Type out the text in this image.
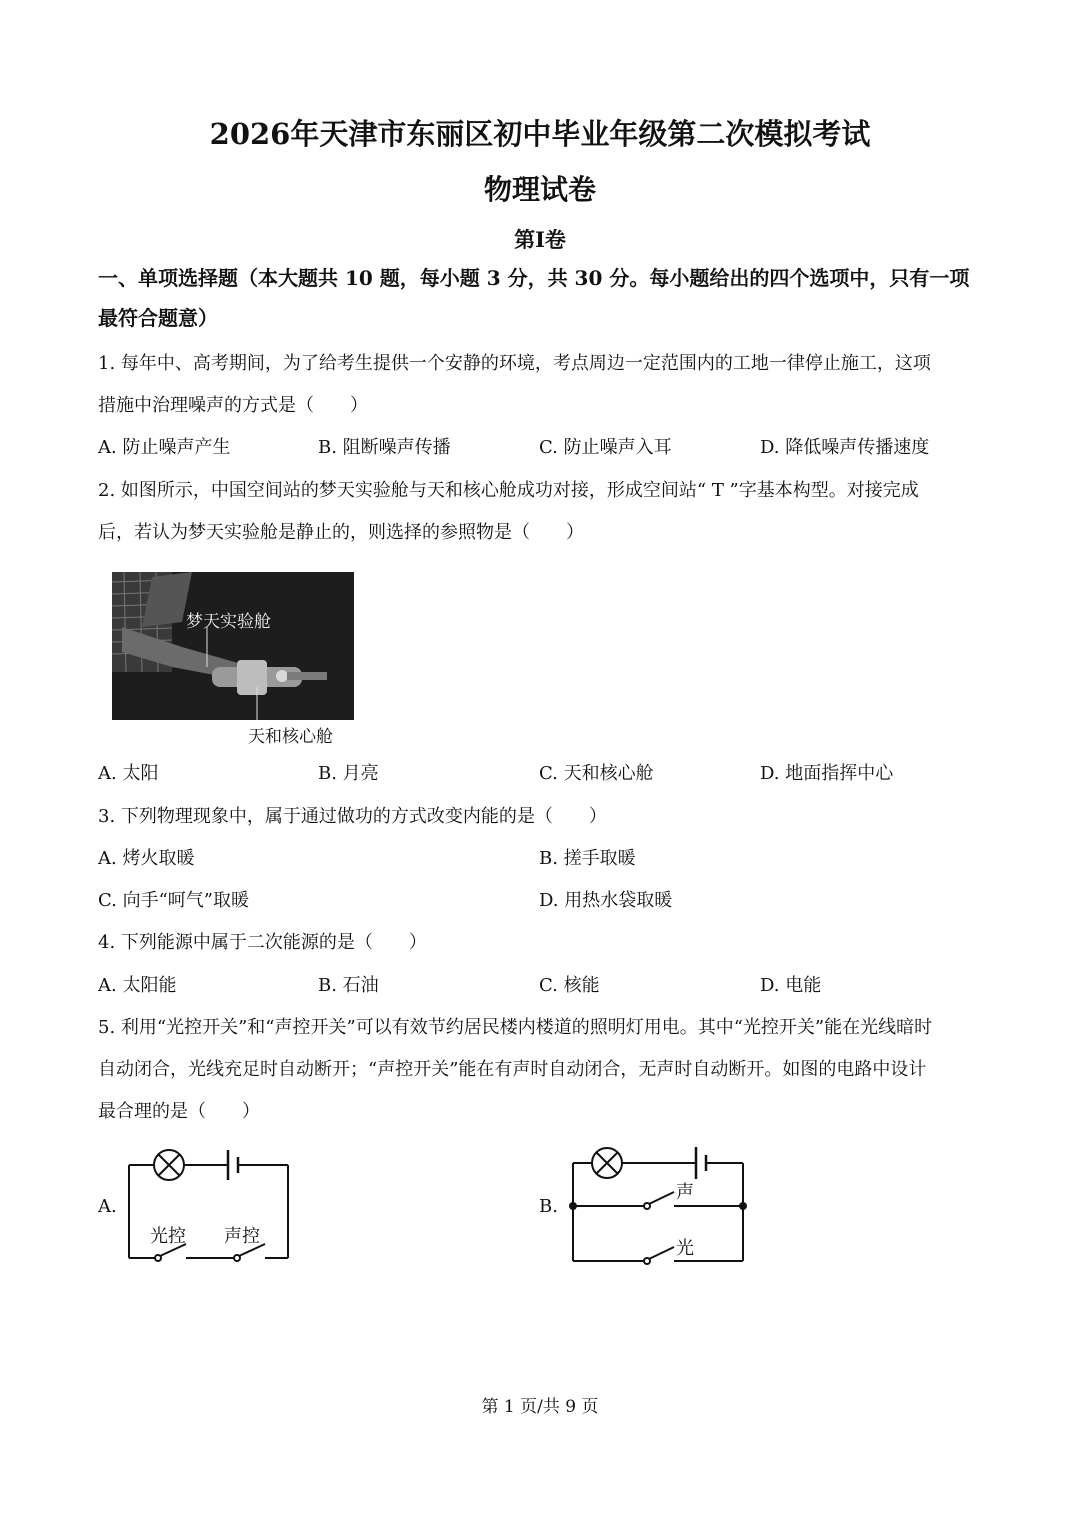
2026年天津市东丽区初中毕业年级第二次模拟考试
物理试卷
第Ⅰ卷
一、单项选择题（本大题共 10 题，每小题 3 分，共 30 分。每小题给出的四个选项中，只有一项最符合题意）
1. 每年中、高考期间，为了给考生提供一个安静的环境，考点周边一定范围内的工地一律停止施工，这项
措施中治理噪声的方式是（　　）
A. 防止噪声产生	B. 阻断噪声传播	C. 防止噪声入耳	D. 降低噪声传播速度
2. 如图所示，中国空间站的梦天实验舱与天和核心舱成功对接，形成空间站“ T ”字基本构型。对接完成
后，若认为梦天实验舱是静止的，则选择的参照物是（　　）
梦天实验舱
天和核心舱
A. 太阳	B. 月亮	C. 天和核心舱	D. 地面指挥中心
3. 下列物理现象中，属于通过做功的方式改变内能的是（　　）
A. 烤火取暖	B. 搓手取暖
C. 向手“呵气”取暖	D. 用热水袋取暖
4. 下列能源中属于二次能源的是（　　）
A. 太阳能	B. 石油	C. 核能	D. 电能
5. 利用“光控开关”和“声控开关”可以有效节约居民楼内楼道的照明灯用电。其中“光控开关”能在光线暗时
自动闭合，光线充足时自动断开；“声控开关”能在有声时自动闭合，无声时自动断开。如图的电路中设计
最合理的是（　　）
A.
光控 声控
B.
声
光
第 1 页/共 9 页
